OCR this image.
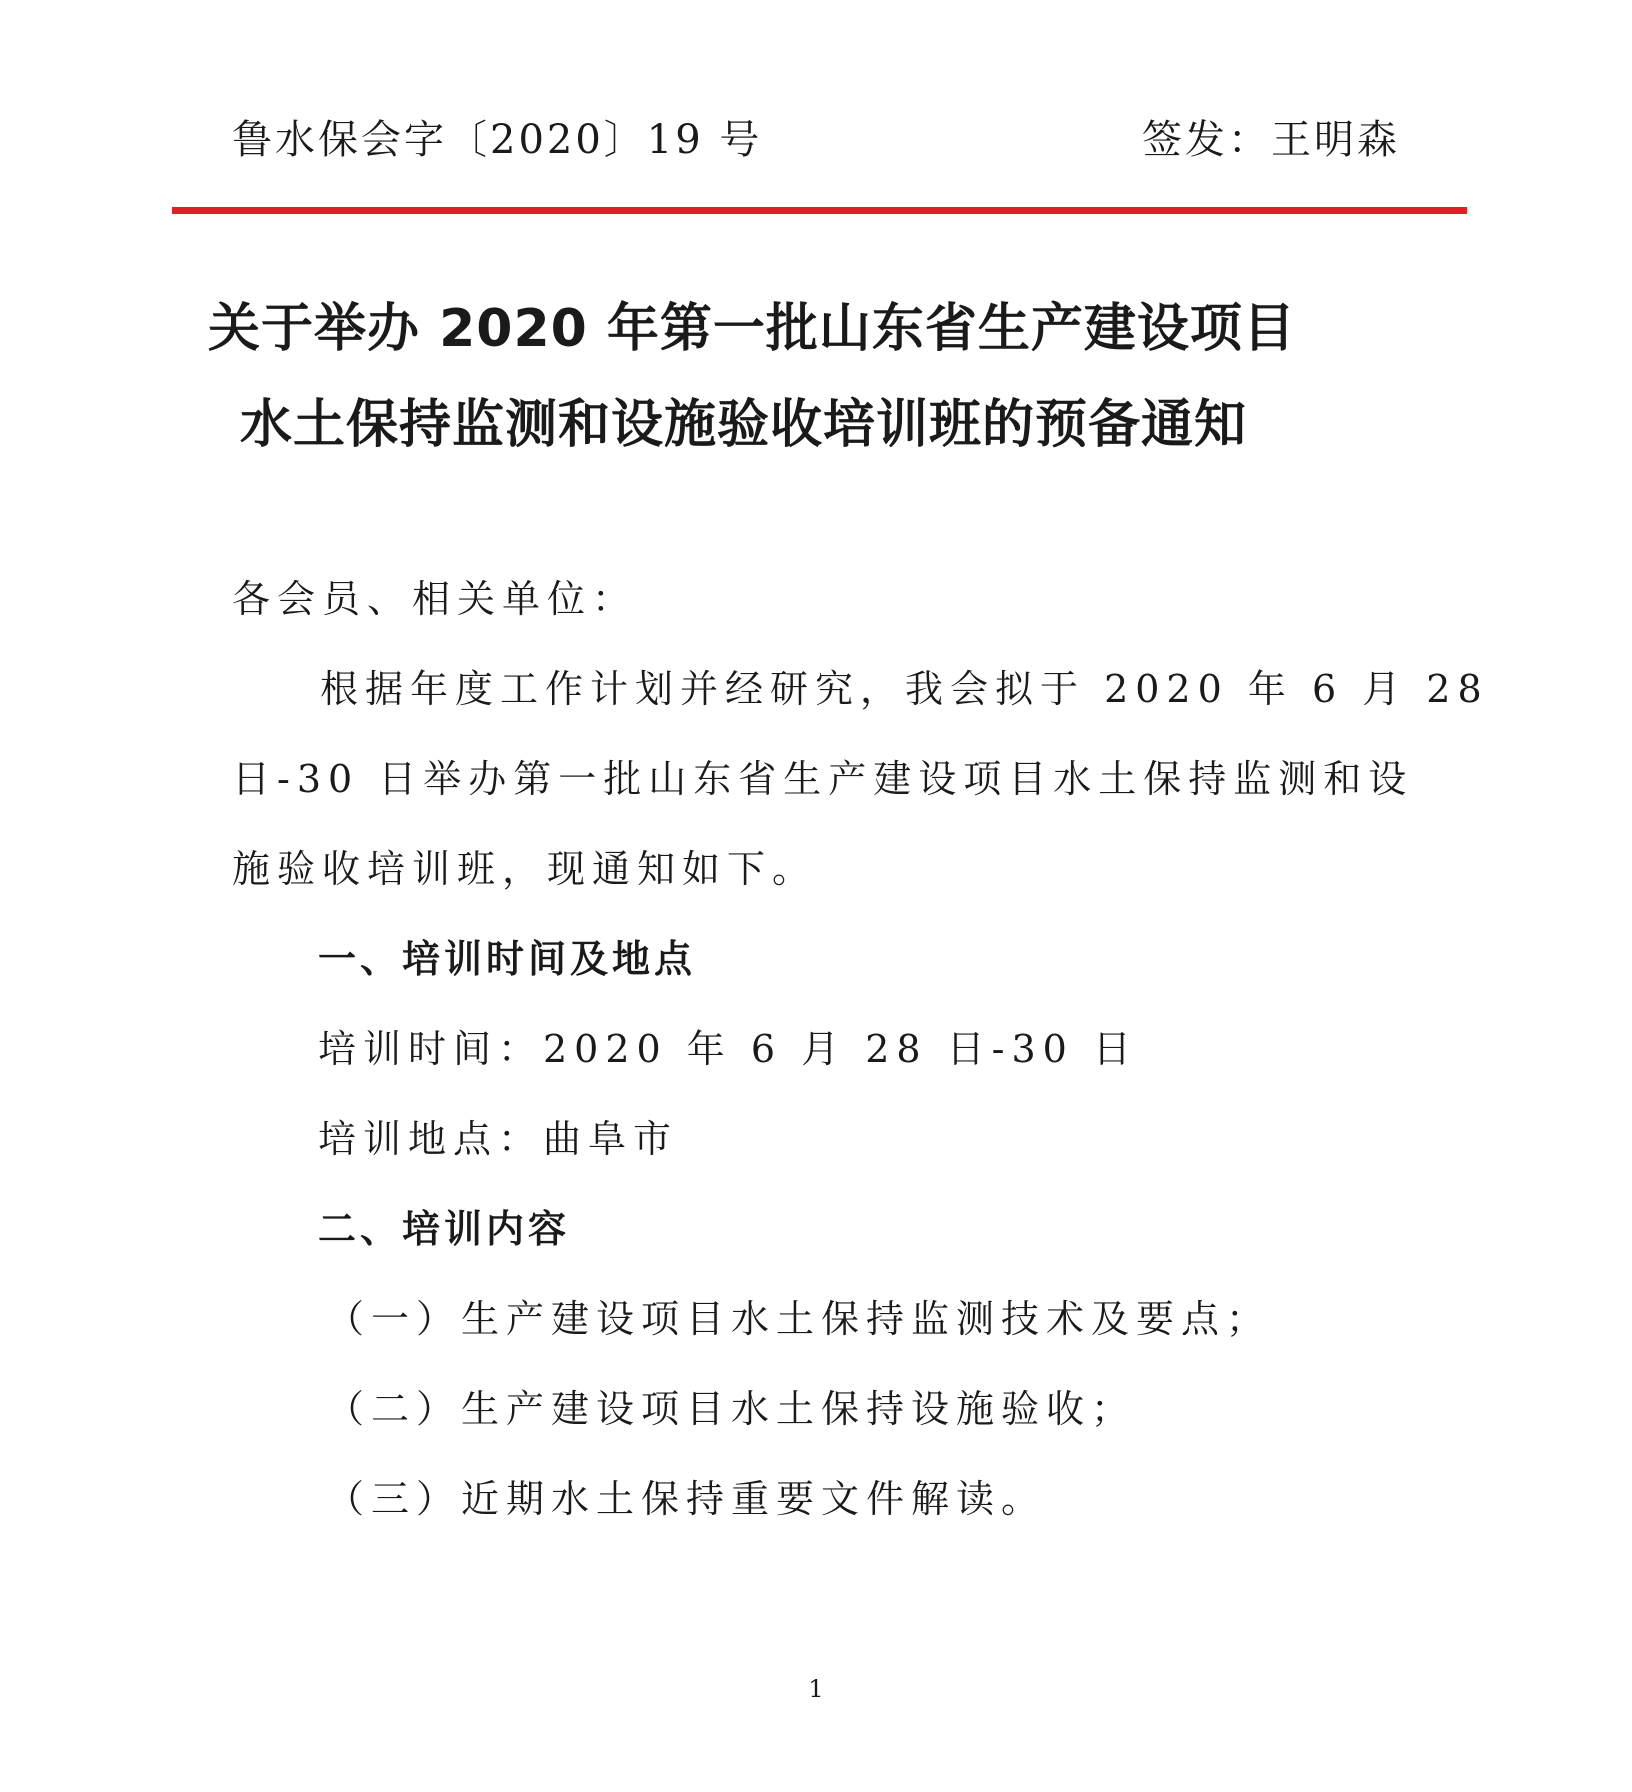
鲁水保会字〔2020〕19 号	签发：王明森
关于举办 2020 年第一批山东省生产建设项目
水土保持监测和设施验收培训班的预备通知
各会员、相关单位：
根据年度工作计划并经研究，我会拟于 2020 年 6 月 28
日-30 日举办第一批山东省生产建设项目水土保持监测和设
施验收培训班，现通知如下。
一、培训时间及地点
培训时间：2020 年 6 月 28 日-30 日
培训地点：曲阜市
二、培训内容
（一）生产建设项目水土保持监测技术及要点；
（二）生产建设项目水土保持设施验收；
（三）近期水土保持重要文件解读。
1
